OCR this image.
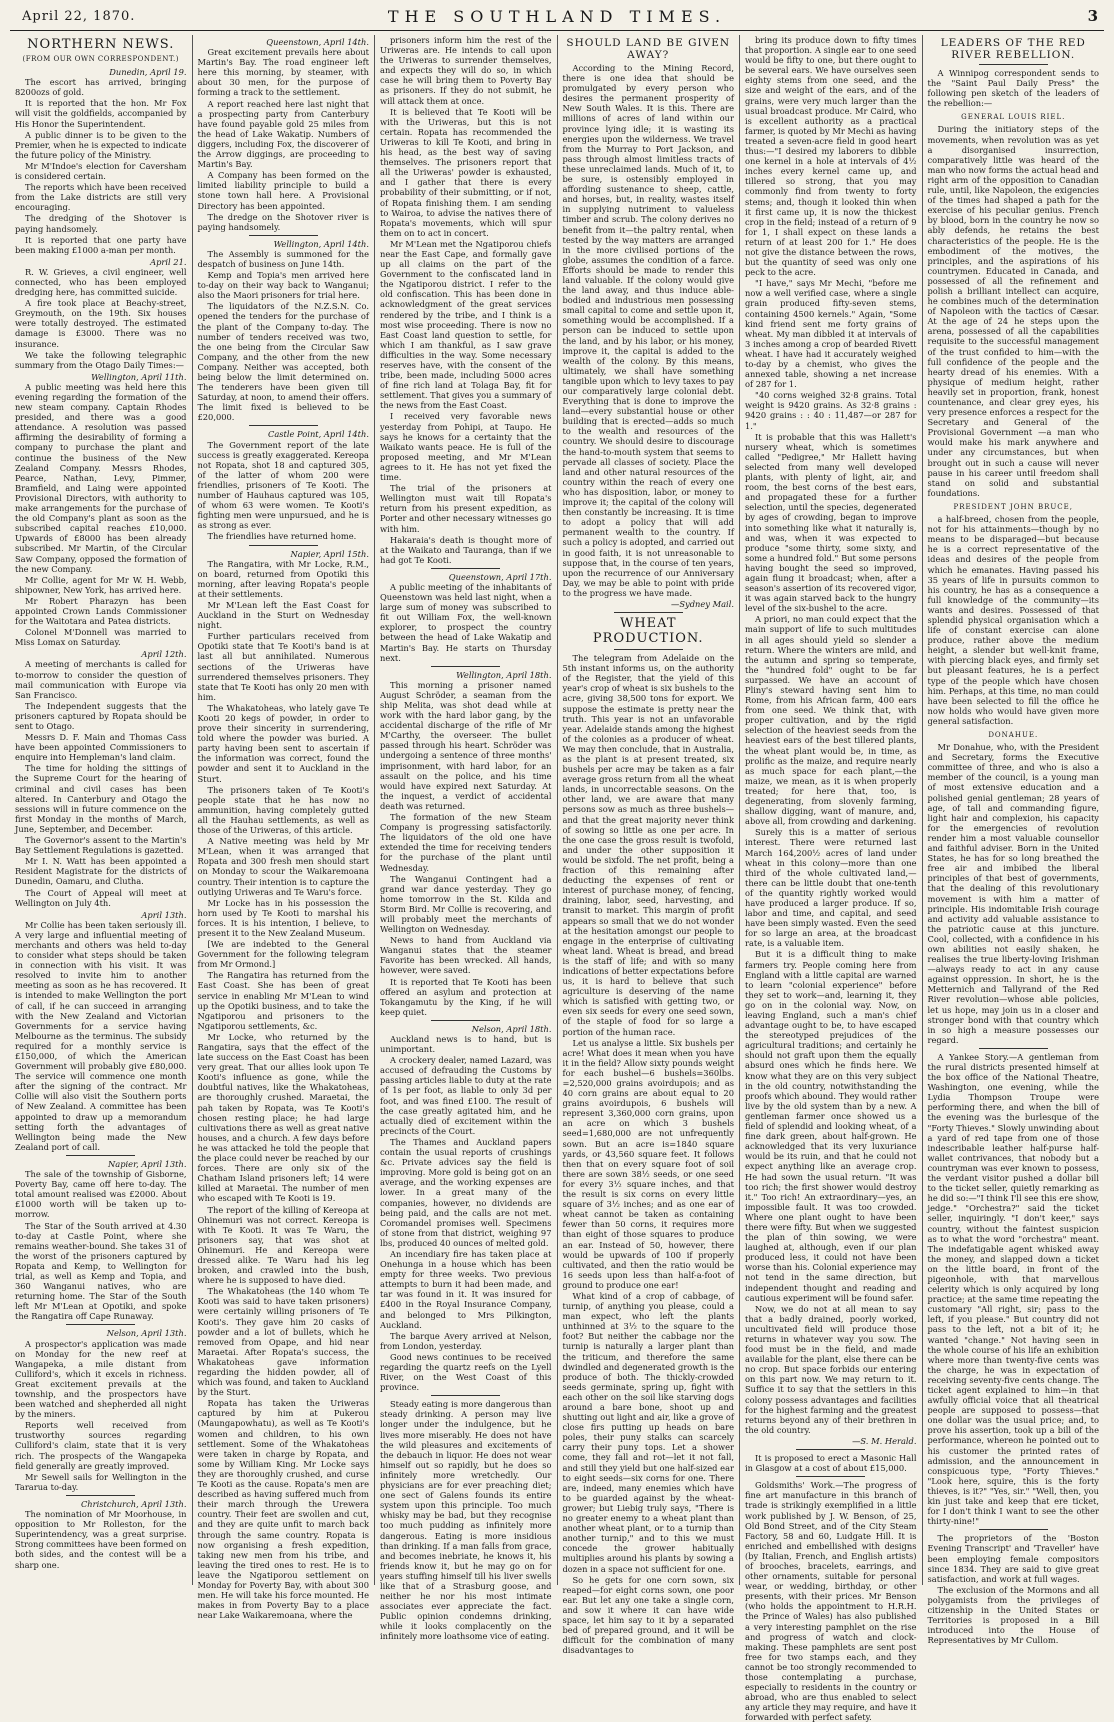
April 22, 1870.	THE SOUTHLAND TIMES.	3
NORTHERN NEWS.
(FROM OUR OWN CORRESPONDENT.)
Dunedin, April 19.

The escort has arrived, bringing 8200ozs of gold.

It is reported that the hon. Mr Fox will visit the goldfields, accompanied by His Honor the Superintendent.

A public dinner is to be given to the Premier, when he is expected to indicate the future policy of the Ministry.

Mr M'Indoe's election for Caversham is considered certain.

The reports which have been received from the Lake districts are still very encouraging.

The dredging of the Shotover is paying handsomely.

It is reported that one party have been making £1000 a-man per month.

April 21.

R. W. Grieves, a civil engineer, well connected, who has been employed dredging here, has committed suicide.

A fire took place at Beachy-street, Greymouth, on the 19th. Six houses were totally destroyed. The estimated damage is £3000. There was no insurance.

We take the following telegraphic summary from the Otago Daily Times:—

Wellington, April 11th.

A public meeting was held here this evening regarding the formation of the new steam company. Captain Rhodes presided, and there was a good attendance. A resolution was passed affirming the desirability of forming a company to purchase the plant and continue the business of the New Zealand Company. Messrs Rhodes, Pearce, Nathan, Levy, Pimmer, Bramfield, and Laing were appointed Provisional Directors, with authority to make arrangements for the purchase of the old Company's plant as soon as the subscribed capital reaches £10,000. Upwards of £8000 has been already subscribed. Mr Martin, of the Circular Saw Company, opposed the formation of the new Company.

Mr Collie, agent for Mr W. H. Webb, shipowner, New York, has arrived here.

Mr Robert Pharazyn has been appointed Crown Lands Commissioner for the Waitotara and Patea districts.

Colonel M'Donnell was married to Miss Lomax on Saturday.

April 12th.

A meeting of merchants is called for to-morrow to consider the question of mail communication with Europe via San Francisco.

The Independent suggests that the prisoners captured by Ropata should be sent to Otago.

Messrs D. F. Main and Thomas Cass have been appointed Commissioners to enquire into Hempleman's land claim.

The time for holding the sittings of the Supreme Court for the hearing of criminal and civil cases has been altered. In Canterbury and Otago the sessions will in future commence on the first Monday in the months of March, June, September, and December.

The Governor's assent to the Martin's Bay Settlement Regulations is gazetted.

Mr I. N. Watt has been appointed a Resident Magistrate for the districts of Dunedin, Oamaru, and Clutha.

The Court of Appeal will meet at Wellington on July 4th.

April 13th.

Mr Collie has been taken seriously ill. A very large and influential meeting of merchants and others was held to-day to consider what steps should be taken in connection with his visit. It was resolved to invite him to another meeting as soon as he has recovered. It is intended to make Wellington the port of call, if he can succeed in arranging with the New Zealand and Victorian Governments for a service having Melbourne as the terminus. The subsidy required for a monthly service is £150,000, of which the American Government will probably give £80,000. The service will commence one month after the signing of the contract. Mr Collie will also visit the Southern ports of New Zealand. A committee has been appointed to draw up a memorandum setting forth the advantages of Wellington being made the New Zealand port of call.

Napier, April 13th.

The sale of the township of Gisborne, Poverty Bay, came off here to-day. The total amount realised was £2000. About £1000 worth will be taken up to-morrow.

The Star of the South arrived at 4.30 to-day at Castle Point, where she remains weather-bound. She takes 31 of the worst of the prisoners captured by Ropata and Kemp, to Wellington for trial, as well as Kemp and Topia, and 360 Wanganui natives, who are returning home. The Star of the South left Mr M'Lean at Opotiki, and spoke the Rangatira off Cape Runaway.

Nelson, April 13th.

A prospector's application was made on Monday for the new reef at Wangapeka, a mile distant from Culliford's, which it excels in richness. Great excitement prevails at the township, and the prospectors have been watched and shepherded all night by the miners.

Reports well received from trustworthy sources regarding Culliford's claim, state that it is very rich. The prospects of the Wangapeka field generally are greatly improved.

Mr Sewell sails for Wellington in the Tararua to-day.

Christchurch, April 13th.

The nomination of Mr Moorhouse, in opposition to Mr Rolleston, for the Superintendency, was a great surprise. Strong committees have been formed on both sides, and the contest will be a sharp one.

Queenstown, April 14th.

Great excitement prevails here about Martin's Bay. The road engineer left here this morning, by steamer, with about 30 men, for the purpose of forming a track to the settlement.

A report reached here last night that a prospecting party from Canterbury have found payable gold 25 miles from the head of Lake Wakatip. Numbers of diggers, including Fox, the discoverer of the Arrow diggings, are proceeding to Martin's Bay.

A Company has been formed on the limited liability principle to build a stone town hall here. A Provisional Directory has been appointed.

The dredge on the Shotover river is paying handsomely.

Wellington, April 14th.

The Assembly is summoned for the despatch of business on June 14th.

Kemp and Topia's men arrived here to-day on their way back to Wanganui; also the Maori prisoners for trial here.

The liquidators of the N.Z.S.N. Co. opened the tenders for the purchase of the plant of the Company to-day. The number of tenders received was two, the one being from the Circular Saw Company, and the other from the new Company. Neither was accepted, both being below the limit determined on. The tenderers have been given till Saturday, at noon, to amend their offers. The limit fixed is believed to be £20,000.

Castle Point, April 14th.

The Government report of the late success is greatly exaggerated. Kereopa not Ropata, shot 18 and captured 305, of the latter of whom 200 were friendlies, prisoners of Te Kooti. The number of Hauhaus captured was 105, of whom 63 were women. Te Kooti's fighting men were unpursued, and he is as strong as ever.

The friendlies have returned home.

Napier, April 15th.

The Rangatira, with Mr Locke, R.M., on board, returned from Opotiki this morning, after leaving Ropata's people at their settlements.

Mr M'Lean left the East Coast for Auckland in the Sturt on Wednesday night.

Further particulars received from Opotiki state that Te Kooti's band is at last all but annihilated. Numerous sections of the Uriweras have surrendered themselves prisoners. They state that Te Kooti has only 20 men with him.

The Whakatoheas, who lately gave Te Kooti 20 kegs of powder, in order to prove their sincerity in surrendering, told where the powder was buried. A party having been sent to ascertain if the information was correct, found the powder and sent it to Auckland in the Sturt.

The prisoners taken of Te Kooti's people state that he has now no ammunition, having completely gutted all the Hauhau settlements, as well as those of the Uriweras, of this article.

A Native meeting was held by Mr M'Lean, when it was arranged that Ropata and 300 fresh men should start on Monday to scour the Waikaremoana country. Their intention is to capture the outlying Uriweras and Te Waru's force.

Mr Locke has in his possession the horn used by Te Kooti to marshal his forces. It is his intention, I believe, to present it to the New Zealand Museum.

[We are indebted to the General Government for the following telegram from Mr Ormond.]

The Rangatira has returned from the East Coast. She has been of great service in enabling Mr M'Lean to wind up the Opotiki business, and to take the Ngatiporou and prisoners to the Ngatiporou settlements, &c.

Mr Locke, who returned by the Rangatira, says that the effect of the late success on the East Coast has been very great. That our allies look upon Te Kooti's influence as gone, while the doubtful natives, like the Whakatoheas, are thoroughly crushed. Maraetai, the pah taken by Ropata, was Te Kooti's chosen resting place; he had large cultivations there as well as great native houses, and a church. A few days before he was attacked he told the people that the place could never be reached by our forces. There are only six of the Chatham Island prisoners left; 14 were killed at Maraetai. The number of men who escaped with Te Kooti is 19.

The report of the killing of Kereopa at Ohinemuri was not correct. Kereopa is with Te Kooti. It was Te Waru, the prisoners say, that was shot at Ohinemuri. He and Kereopa were dressed alike. Te Waru had his leg broken, and crawled into the bush, where he is supposed to have died.

The Whakatoheas (the 140 whom Te Kooti was said to have taken prisoners) were certainly willing prisoners of Te Kooti's. They gave him 20 casks of powder and a lot of bullets, which he removed from Opape, and hid near Maraetai. After Ropata's success, the Whakatoheas gave information regarding the hidden powder, all of which was found, and taken to Auckland by the Sturt.

Ropata has taken the Uriweras captured by him at Pukerou (Maungapowhatu), as well as Te Kooti's women and children, to his own settlement. Some of the Whakatoheas were taken in charge by Ropata, and some by William King. Mr Locke says they are thoroughly crushed, and curse Te Kooti as the cause. Ropata's men are described as having suffered much from their march through the Urewera country. Their feet are swollen and cut, and they are quite unfit to march back through the same country. Ropata is now organising a fresh expedition, taking new men from his tribe, and leaving the tired ones to rest. He is to leave the Ngatiporou settlement on Monday for Poverty Bay, with about 300 men. He will take his force mounted. He makes in from Poverty Bay to a place near Lake Waikaremoana, where the

prisoners inform him the rest of the Uriweras are. He intends to call upon the Uriweras to surrender themselves, and expects they will do so, in which case he will bring them to Poverty Bay as prisoners. If they do not submit, he will attack them at once.

It is believed that Te Kooti will be with the Uriweras, but this is not certain. Ropata has recommended the Uriweras to kill Te Kooti, and bring in his head, as the best way of saving themselves. The prisoners report that all the Uriweras' powder is exhausted, and I gather that there is every probability of their submitting, or if not, of Ropata finishing them. I am sending to Wairoa, to advise the natives there of Ropata's movements, which will spur them on to act in concert.

Mr M'Lean met the Ngatiporou chiefs near the East Cape, and formally gave up all claims on the part of the Government to the confiscated land in the Ngatiporou district. I refer to the old confiscation. This has been done in acknowledgment of the great services rendered by the tribe, and I think is a most wise proceeding. There is now no East Coast land question to settle, for which I am thankful, as I saw grave difficulties in the way. Some necessary reserves have, with the consent of the tribe, been made, including 5000 acres of fine rich land at Tolaga Bay, fit for settlement. That gives you a summary of the news from the East Coast.

I received very favorable news yesterday from Pohipi, at Taupo. He says he knows for a certainty that the Waikato wants peace. He is full of the proposed meeting, and Mr M'Lean agrees to it. He has not yet fixed the time.

The trial of the prisoners at Wellington must wait till Ropata's return from his present expedition, as Porter and other necessary witnesses go with him.

Hakaraia's death is thought more of at the Waikato and Tauranga, than if we had got Te Kooti.

Queenstown, April 17th.

A public meeting of the inhabitants of Queenstown was held last night, when a large sum of money was subscribed to fit out William Fox, the well-known explorer, to prospect the country between the head of Lake Wakatip and Martin's Bay. He starts on Thursday next.

Wellington, April 18th.

This morning a prisoner named August Schröder, a seaman from the ship Melita, was shot dead while at work with the hard labor gang, by the accidental discharge of the rifle of Mr M'Carthy, the overseer. The bullet passed through his heart. Schröder was undergoing a sentence of three months' imprisonment, with hard labor, for an assault on the police, and his time would have expired next Saturday. At the inquest, a verdict of accidental death was returned.

The formation of the new Steam Company is progressing satisfactorily. The liquidators of the old one have extended the time for receiving tenders for the purchase of the plant until Wednesday.

The Wanganui Contingent had a grand war dance yesterday. They go home tomorrow in the St. Kilda and Storm Bird. Mr Collie is recovering, and will probably meet the merchants of Wellington on Wednesday.

News to hand from Auckland via Wanganui states that the steamer Favorite has been wrecked. All hands, however, were saved.

It is reported that Te Kooti has been offered an asylum and protection at Tokangamutu by the King, if he will keep quiet.

Nelson, April 18th.

Auckland news is to hand, but is unimportant.

A crockery dealer, named Lazard, was accused of defrauding the Customs by passing articles liable to duty at the rate of 1s per foot, as liable to only 3d per foot, and was fined £100. The result of the case greatly agitated him, and he actually died of excitement within the precincts of the Court.

The Thames and Auckland papers contain the usual reports of crushings &c. Private advices say the field is improving. More gold is being got on an average, and the working expenses are lower. In a great many of the companies, however, no dividends are being paid, and the calls are not met. Coromandel promises well. Specimens of stone from that district, weighing 97 lbs, produced 40 ounces of melted gold.

An incendiary fire has taken place at Onehunga in a house which has been empty for three weeks. Two previous attempts to burn it had been made, and tar was found in it. It was insured for £400 in the Royal Insurance Company, and belonged to Mrs Pilkington, Auckland.

The barque Avery arrived at Nelson, from London, yesterday.

Good news continues to be received regarding the quartz reefs on the Lyell River, on the West Coast of this province.

Steady eating is more dangerous than steady drinking. A person may live longer under the indulgence, but he lives more miserably. He does not have the wild pleasures and excitements of the debauch in liquor. He does not wear himself out so rapidly, but he does so infinitely more wretchedly. Our physicians are for ever preaching diet; one sect of Galens founds its entire system upon this principle. Too much whisky may be bad, but they recognise too much pudding as infinitely more dangerous. Eating is more insidious than drinking. If a man falls from grace, and becomes inebriate, he knows it, his friends know it, but he may go on for years stuffing himself till his liver swells like that of a Strasburg goose, and neither he nor his most intimate associates ever appreciate the fact. Public opinion condemns drinking, while it looks complacently on the infinitely more loathsome vice of eating.

SHOULD LAND BE GIVEN AWAY?

According to the Mining Record, there is one idea that should be promulgated by every person who desires the permanent prosperity of New South Wales. It is this. There are millions of acres of land within our province lying idle; it is wasting its energies upon the wilderness. We travel from the Murray to Port Jackson, and pass through almost limitless tracts of these unreclaimed lands. Much of it, to be sure, is ostensibly employed in affording sustenance to sheep, cattle, and horses, but, in reality, wastes itself in supplying nutriment to valueless timber and scrub. The colony derives no benefit from it—the paltry rental, when tested by the way matters are arranged in the more civilised portions of the globe, assumes the condition of a farce. Efforts should be made to render this land valuable. If the colony would give the land away, and thus induce able-bodied and industrious men possessing small capital to come and settle upon it, something would be accomplished. If a person can be induced to settle upon the land, and by his labor, or his money, improve it, the capital is added to the wealth of the colony. By this means, ultimately, we shall have something tangible upon which to levy taxes to pay our comparatively large colonial debt. Everything that is done to improve the land—every substantial house or other building that is erected—adds so much to the wealth and resources of the country. We should desire to discourage the hand-to-mouth system that seems to pervade all classes of society. Place the land and other natural resources of the country within the reach of every one who has disposition, labor, or money to improve it; the capital of the colony will then constantly be increasing. It is time to adopt a policy that will add permanent wealth to the country. If such a policy is adopted, and carried out in good faith, it is not unreasonable to suppose that, in the course of ten years, upon the recurrence of our Anniversary Day, we may be able to point with pride to the progress we have made.

—Sydney Mail.
WHEAT PRODUCTION.

The telegram from Adelaide on the 5th instant informs us, on the authority of the Register, that the yield of this year's crop of wheat is six bushels to the acre, giving 38,500 tons for export. We suppose the estimate is pretty near the truth. This year is not an unfavorable year. Adelaide stands among the highest of the colonies as a producer of wheat. We may then conclude, that in Australia, as the plant is at present treated, six bushels per acre may be taken as a fair average gross return from all the wheat lands, in uncorrectable seasons. On the other land, we are aware that many persons sow as much as three bushels—and that the great majority never think of sowing so little as one per acre. In the one case the gross result is twofold, and under the other supposition it would be sixfold. The net profit, being a fraction of this remaining after deducting the expenses of rent or interest of purchase money, of fencing, draining, labor, seed, harvesting, and transit to market. This margin of profit appears so small that we do not wonder at the hesitation amongst our people to engage in the enterprise of cultivating wheat land. Wheat is bread, and bread is the staff of life; and with so many indications of better expectations before us, it is hard to believe that such agriculture is deserving of the name which is satisfied with getting two, or even six seeds for every one seed sown, of the staple of food for so large a portion of the human race.

Let us analyse a little. Six bushels per acre! What does it mean when you have it in the field? Allow sixty pounds weight for each bushel—6 bushels=360lbs. =2,520,000 grains avoirdupois; and as 40 corn grains are about equal to 20 grains avoirdupois, 6 bushels will represent 3,360,000 corn grains, upon an acre on which 3 bushels seed=1,680,000 are not unfrequently sown. But an acre is=1840 square yards, or 43,560 square feet. It follows then that on every square foot of soil there are sown 38½ seeds, or one seed for every 3½ square inches, and that the result is six corns on every little square of 3½ inches; and as one ear of wheat cannot be taken as containing fewer than 50 corns, it requires more than eight of those squares to produce an ear. Instead of 50, however, there would be upwards of 100 if properly cultivated, and then the ratio would be 16 seeds upon less than half-a-foot of ground to produce one ear!

What kind of a crop of cabbage, of turnip, of anything you please, could a man expect, who left the plants unthinned at 3½ to the square to the foot? But neither the cabbage nor the turnip is naturally a larger plant than the triticum, and therefore the same dwindled and degenerated growth is the produce of both. The thickly-crowded seeds germinate, spring up, fight with each other on the soil like starving dogs around a bare bone, shoot up and shutting out light and air, like a grove of close firs putting up heads on bare poles, their puny stalks can scarcely carry their puny tops. Let a shower come, they fall and rot—let it not fall, and still they yield but one half-sized ear to eight seeds—six corns for one. There are, indeed, many enemies which have to be guarded against by the wheat-grower; but Liebig truly says, "There is no greater enemy to a wheat plant than another wheat plant, or to a turnip than another turnip," and to this we must concede the grower habitually multiplies around his plants by sowing a dozen in a space not sufficient for one.

So he gets for one corn sown, six reaped—for eight corns sown, one poor ear. But let any one take a single corn, and sow it where it can have wide space, let him say to it by a separated bed of prepared ground, and it will be difficult for the combination of many disadvantages to

bring its produce down to fifty times that proportion. A single ear to one seed would be fifty to one, but there ought to be several ears. We have ourselves seen eighty stems from one seed, and the size and weight of the ears, and of the grains, were very much larger than the usual broadcast produce. Mr Caird, who is excellent authority as a practical farmer, is quoted by Mr Mechi as having treated a seven-acre field in good heart thus:—"I desired my laborers to dibble one kernel in a hole at intervals of 4½ inches every kernel came up, and tillered so strong, that you may commonly find from twenty to forty stems; and, though it looked thin when it first came up, it is now the thickest crop in the field; instead of a return of 9 for 1, I shall expect on these lands a return of at least 200 for 1." He does not give the distance between the rows, but the quantity of seed was only one peck to the acre.

"I have," says Mr Mechi, "before me now a well verified case, where a single grain produced fifty-seven stems, containing 4500 kernels." Again, "Some kind friend sent me forty grains of wheat. My man dibbled it at intervals of 3 inches among a crop of bearded Rivett wheat. I have had it accurately weighed to-day by a chemist, who gives the annexed table, showing a net increase of 287 for 1.

"40 corns weighed 32·8 grains. Total weight is 9420 grains. As 32·8 grains : 9420 grains : : 40 : 11,487—or 287 for 1."

It is probable that this was Hallett's nursery wheat, which is sometimes called "Pedigree," Mr Hallett having selected from many well developed plants, with plenty of light, air, and room, the best corns of the best ears, and propagated these for a further selection, until the species, degenerated by ages of crowding, began to improve into something like what it naturally is, and was, when it was expected to produce "some thirty, some sixty, and some a hundred fold." But some persons having bought the seed so improved, again flung it broadcast; when, after a season's assertion of its recovered vigor, it was again starved back to the hungry level of the six-bushel to the acre.

A priori, no man could expect that the main support of life to such multitudes in all ages should yield so slender a return. Where the winters are mild, and the autumn and spring so temperate, the "hundred fold" ought to be far surpassed. We have an account of Pliny's steward having sent him to Rome, from his African farm, 400 ears from one seed. We think that, with proper cultivation, and by the rigid selection of the heaviest seeds from the heaviest ears of the best tillered plants, the wheat plant would be, in time, as prolific as the maize, and require nearly as much space for each plant,—the maize, we mean, as it is when properly treated; for here that, too, is degenerating, from slovenly farming, shallow digging, want of manure, and, above all, from crowding and darkening.

Surely this is a matter of serious interest. There were returned last March 164,200½ acres of land under wheat in this colony—more than one third of the whole cultivated land,—there can be little doubt that one-tenth of the quantity rightly worked would have produced a larger produce. If so, labor and time, and capital, and seed have been simply wasted. Even the seed for so large an area, at the broadcast rate, is a valuable item.

But it is a difficult thing to make farmers try. People coming here from England with a little capital are warned to learn "colonial experience" before they set to work—and, learning it, they go on in the colonial way. Now, on leaving England, such a man's chief advantage ought to be, to have escaped the stereotyped prejudices of the agricultural traditions; and certainly he should not graft upon them the equally absurd ones which he finds here. We know what they are on this very subject in the old country, notwithstanding the proofs which abound. They would rather live by the old system than by a new. A gentleman farmer once showed us a field of splendid and looking wheat, of a fine dark green, about half-grown. He acknowledged that its very luxuriance would be its ruin, and that he could not expect anything like an average crop. He had sown the usual return. "It was too rich; the first shower would destroy it." Too rich! An extraordinary—yes, an impossible fault. It was too crowded. Where one plant ought to have been there were fifty. But when we suggested the plan of thin sowing, we were laughed at, although, even if our plan produced less, it could not have been worse than his. Colonial experience may not tend in the same direction, but independent thought and reading and cautious experiment will be found safer.

Now, we do not at all mean to say that a badly drained, poorly worked, uncultivated field will produce those returns in whatever way you sow. The food must be in the field, and made available for the plant, else there can be no crop. But space forbids our entering on this part now. We may return to it. Suffice it to say that the settlers in this colony possess advantages and facilities for the highest farming and the greatest returns beyond any of their brethren in the old country.

—S. M. Herald.

It is proposed to erect a Masonic Hall in Glasgow at a cost of about £15,000.

Goldsmiths' Work.—The progress of fine art manufacture in this branch of trade is strikingly exemplified in a little work published by J. W. Benson, of 25, Old Bond Street, and of the City Steam Factory, 58 and 60, Ludgate Hill. It is enriched and embellished with designs (by Italian, French, and English artists) of brooches, bracelets, earrings, and other ornaments, suitable for personal wear, or wedding, birthday, or other presents, with their prices. Mr Benson (who holds the appointment to H.R.H. the Prince of Wales) has also published a very interesting pamphlet on the rise and progress of watch and clock-making. These pamphlets are sent post free for two stamps each, and they cannot be too strongly recommended to those contemplating a purchase, especially to residents in the country or abroad, who are thus enabled to select any article they may require, and have it forwarded with perfect safety.

LEADERS OF THE RED RIVER REBELLION.

A Winnipog correspondent sends to the "Saint Paul Daily Press" the following pen sketch of the leaders of the rebellion:—

GENERAL LOUIS RIEL.

During the initiatory steps of the movements, when revolution was as yet a disorganised insurrection, comparatively little was heard of the man who now forms the actual head and right arm of the opposition to Canadian rule, until, like Napoleon, the exigencies of the times had shaped a path for the exercise of his peculiar genius. French by blood, born in the country he now so ably defends, he retains the best characteristics of the people. He is the embodiment of the motives, the principles, and the aspirations of his countrymen. Educated in Canada, and possessed of all the refinement and polish a brilliant intellect can acquire, he combines much of the determination of Napoleon with the tactics of Cæsar. At the age of 24 he steps upon the arena, possessed of all the capabilities requisite to the successful management of the trust confided to him—with the full confidence of the people and the hearty dread of his enemies. With a physique of medium height, rather heavily set in proportion, frank, honest countenance, and clear grey eyes, his very presence enforces a respect for the Secretary and General of the Provisional Government —a man who would make his mark anywhere and under any circumstances, but when brought out in such a cause will never pause in his career until freedom shall stand on solid and substantial foundations.

PRESIDENT JOHN BRUCE,

a half-breed, chosen from the people, not for his attainments—though by no means to be disparaged—but because he is a correct representative of the ideas and desires of the people from which he emanates. Having passed his 35 years of life in pursuits common to his country, he has as a consequence a full knowledge of the community—its wants and desires. Possessed of that splendid physical organisation which a life of constant exercise can alone produce, rather above the medium height, a slender but well-knit frame, with piercing black eyes, and firmly set but pleasant features, he is a perfect type of the people which have chosen him. Perhaps, at this time, no man could have been selected to fill the office he now holds who would have given more general satisfaction.

DONAHUE.

Mr Donahue, who, with the President and Secretary, forms the Executive committee of three, and who is also a member of the council, is a young man of most extensive education and a polished genial gentleman; 28 years of age, of tall and commanding figure, light hair and complexion, his capacity for the emergencies of revolution render him a most valuable counsellor and faithful adviser. Born in the United States, he has for so long breathed the free air and imbibed the liberal principles of that best of governments, that the dealing of this revolutionary movement is with him a matter of principle. His indomitable Irish courage and activity add valuable assistance to the patriotic cause at this juncture. Cool, collected, with a confidence in his own abilities not easily shaken, he realises the true liberty-loving Irishman—always ready to act in any cause against oppression. In short, he is the Metternich and Tallyrand of the Red River revolution—whose able policies, let us hope, may join us in a closer and stronger bond with that country which in so high a measure possesses our regard.

A Yankee Story.—A gentleman from the rural districts presented himself at the box office of the National Theatre, Washington, one evening, while the Lydia Thompson Troupe were performing there, and when the bill of the evening was the burlesque of the "Forty Thieves." Slowly unwinding about a yard of red tape from one of those indescribable leather half-purse half-wallet contrivances, that nobody but a countryman was ever known to possess, the verdant visitor pushed a dollar bill to the ticket seller, quietly remarking as he did so:—"I think I'll see this ere show, jedge." "Orchestra?" said the ticket seller, inquiringly. "I don't keer," says country, without the faintest suspicion as to what the word "orchestra" meant. The indefatigable agent whisked away the money, and slapped down a ticket on the little board, in front of the pigeonhole, with that marvellous celerity which is only acquired by long practice; at the same time repeating the customary "All right, sir; pass to the left, if you please." But country did not pass to the left, not a bit of it; he wanted "change." Not having seen in the whole course of his life an exhibition where more than twenty-five cents was the charge, he was in expectation of receiving seventy-five cents change. The ticket agent explained to him—in that awfully official voice that all theatrical people are supposed to possess—that one dollar was the usual price; and, to prove his assertion, took up a bill of the performance, whereon he pointed out to his customer the printed rates of admission, and the announcement in conspicuous type, "Forty Thieves." "Look here, squire, this is the forty thieves, is it?" "Yes, sir." "Well, then, you kin just take and keep that ere ticket, for I don't think I want to see the other thirty-nine!"

The proprietors of the 'Boston Evening Transcript' and 'Traveller' have been employing female compositors since 1834. They are said to give great satisfaction, and work at full wages.

The exclusion of the Mormons and all polygamists from the privileges of citizenship in the United States or Territories is proposed in a Bill introduced into the House of Representatives by Mr Cullom.
